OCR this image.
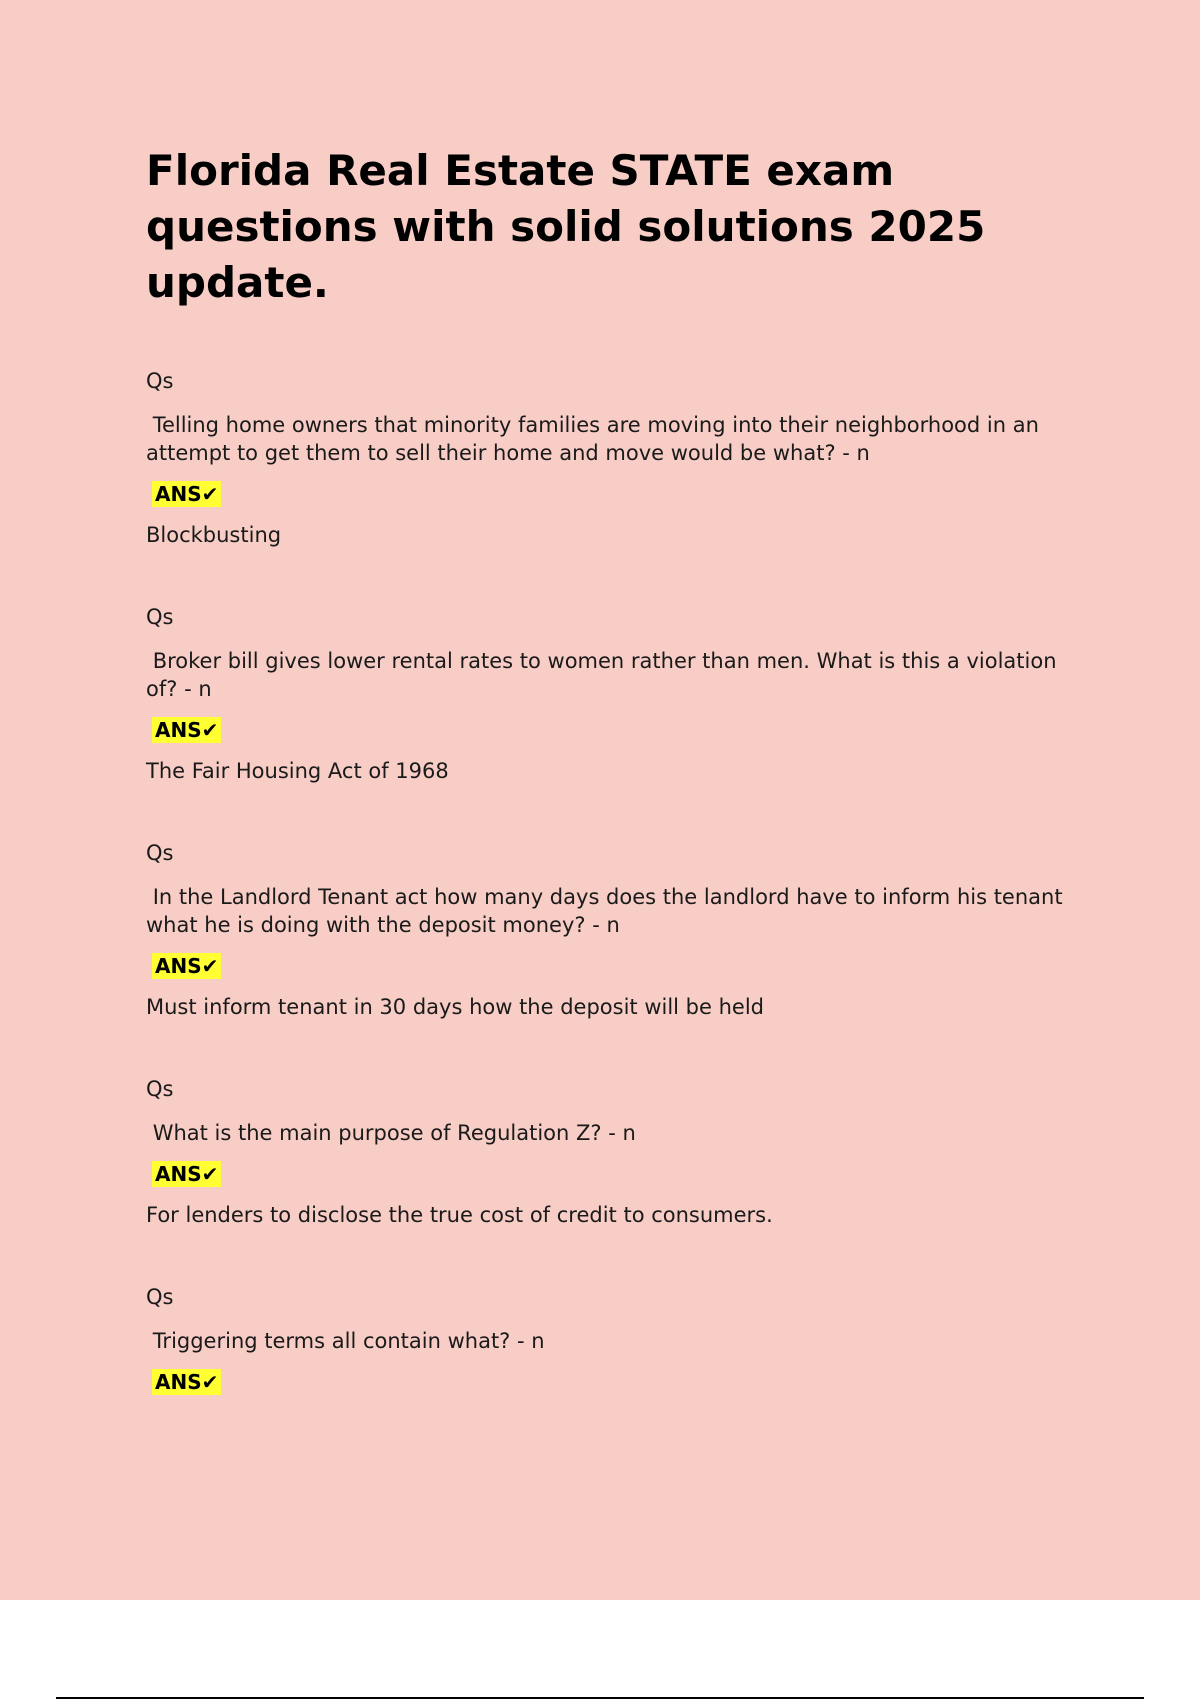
Florida Real Estate STATE exam questions with solid solutions 2025 update.

Qs

Telling home owners that minority families are moving into their neighborhood in an attempt to get them to sell their home and move would be what? - n

ANS✔

Blockbusting

Qs

Broker bill gives lower rental rates to women rather than men. What is this a violation of? - n

ANS✔

The Fair Housing Act of 1968

Qs

In the Landlord Tenant act how many days does the landlord have to inform his tenant what he is doing with the deposit money? - n

ANS✔

Must inform tenant in 30 days how the deposit will be held

Qs

What is the main purpose of Regulation Z? - n

ANS✔

For lenders to disclose the true cost of credit to consumers.

Qs

Triggering terms all contain what? - n

ANS✔
